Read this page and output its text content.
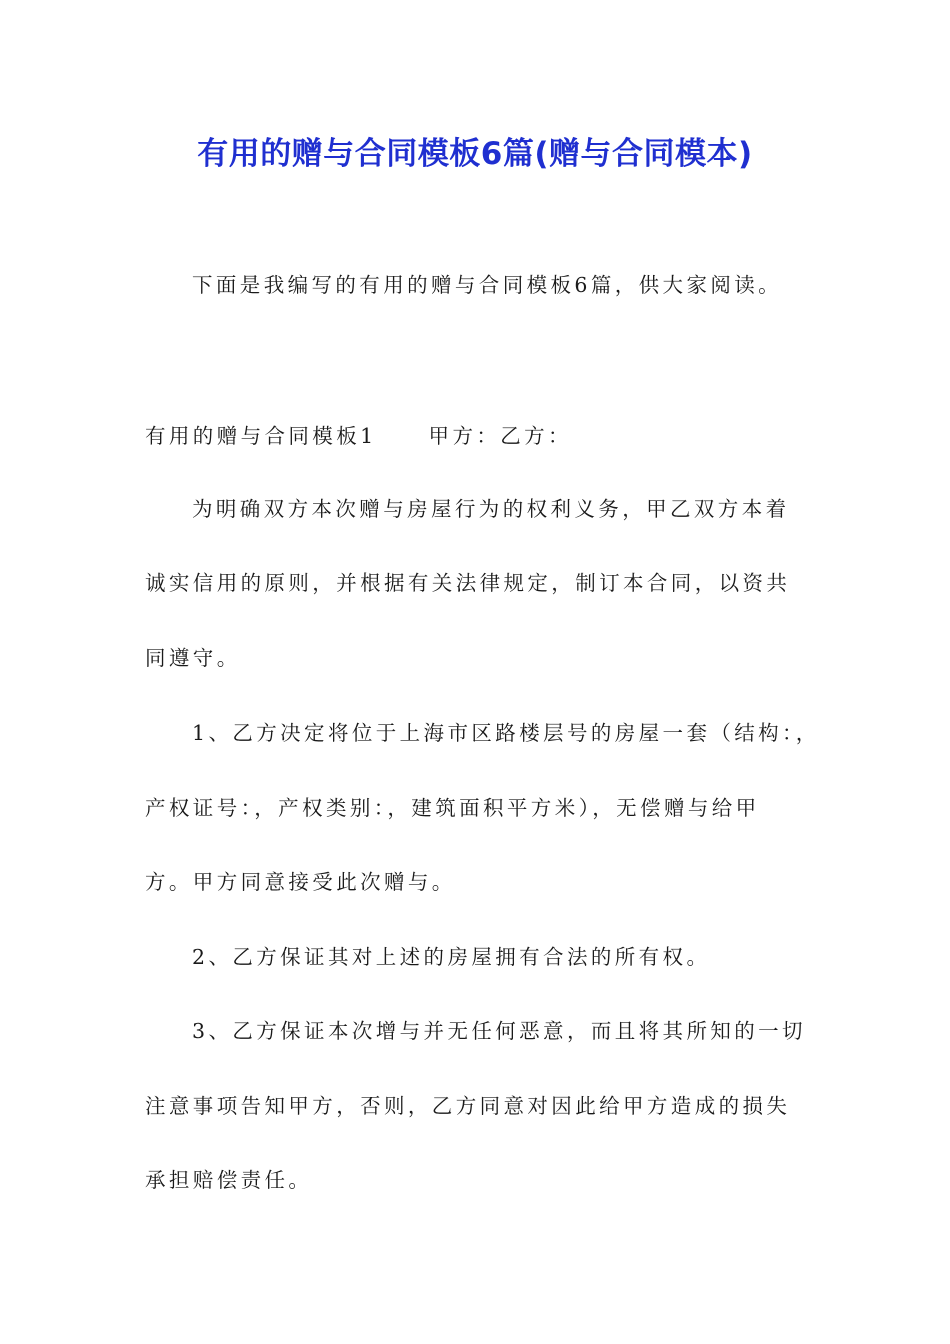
有用的赠与合同模板6篇(赠与合同模本)
下面是我编写的有用的赠与合同模板6篇，供大家阅读。
有用的赠与合同模板1	甲方：乙方：
为明确双方本次赠与房屋行为的权利义务，甲乙双方本着
诚实信用的原则，并根据有关法律规定，制订本合同，以资共
同遵守。
1、乙方决定将位于上海市区路楼层号的房屋一套（结构：，
产权证号：，产权类别：，建筑面积平方米），无偿赠与给甲
方。甲方同意接受此次赠与。
2、乙方保证其对上述的房屋拥有合法的所有权。
3、乙方保证本次增与并无任何恶意，而且将其所知的一切
注意事项告知甲方，否则，乙方同意对因此给甲方造成的损失
承担赔偿责任。
